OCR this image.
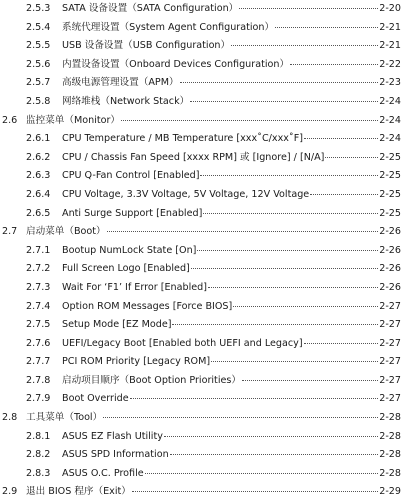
2.5.3 SATA 设备设置（SATA Configuration）	2-20
2.5.4 系统代理设置（System Agent Configuration）	2-21
2.5.5 USB 设备设置（USB Configuration）	2-21
2.5.6 内置设备设置（Onboard Devices Configuration）	2-22
2.5.7 高级电源管理设置（APM）	2-23
2.5.8 网络堆栈（Network Stack）	2-24
2.6 监控菜单（Monitor）	2-24
2.6.1 CPU Temperature / MB Temperature [xxx˚C/xxx˚F]	2-24
2.6.2 CPU / Chassis Fan Speed [xxxx RPM] 或 [Ignore] / [N/A]	2-25
2.6.3 CPU Q-Fan Control [Enabled]	2-25
2.6.4 CPU Voltage, 3.3V Voltage, 5V Voltage, 12V Voltage	2-25
2.6.5 Anti Surge Support [Enabled]	2-25
2.7 启动菜单（Boot）	2-26
2.7.1 Bootup NumLock State [On]	2-26
2.7.2 Full Screen Logo [Enabled]	2-26
2.7.3 Wait For ‘F1’ If Error [Enabled]	2-26
2.7.4 Option ROM Messages [Force BIOS]	2-27
2.7.5 Setup Mode [EZ Mode]	2-27
2.7.6 UEFI/Legacy Boot [Enabled both UEFI and Legacy]	2-27
2.7.7 PCI ROM Priority [Legacy ROM]	2-27
2.7.8 启动项目顺序（Boot Option Priorities）	2-27
2.7.9 Boot Override	2-27
2.8 工具菜单（Tool）	2-28
2.8.1 ASUS EZ Flash Utility	2-28
2.8.2 ASUS SPD Information	2-28
2.8.3 ASUS O.C. Profile	2-28
2.9 退出 BIOS 程序（Exit）	2-29
